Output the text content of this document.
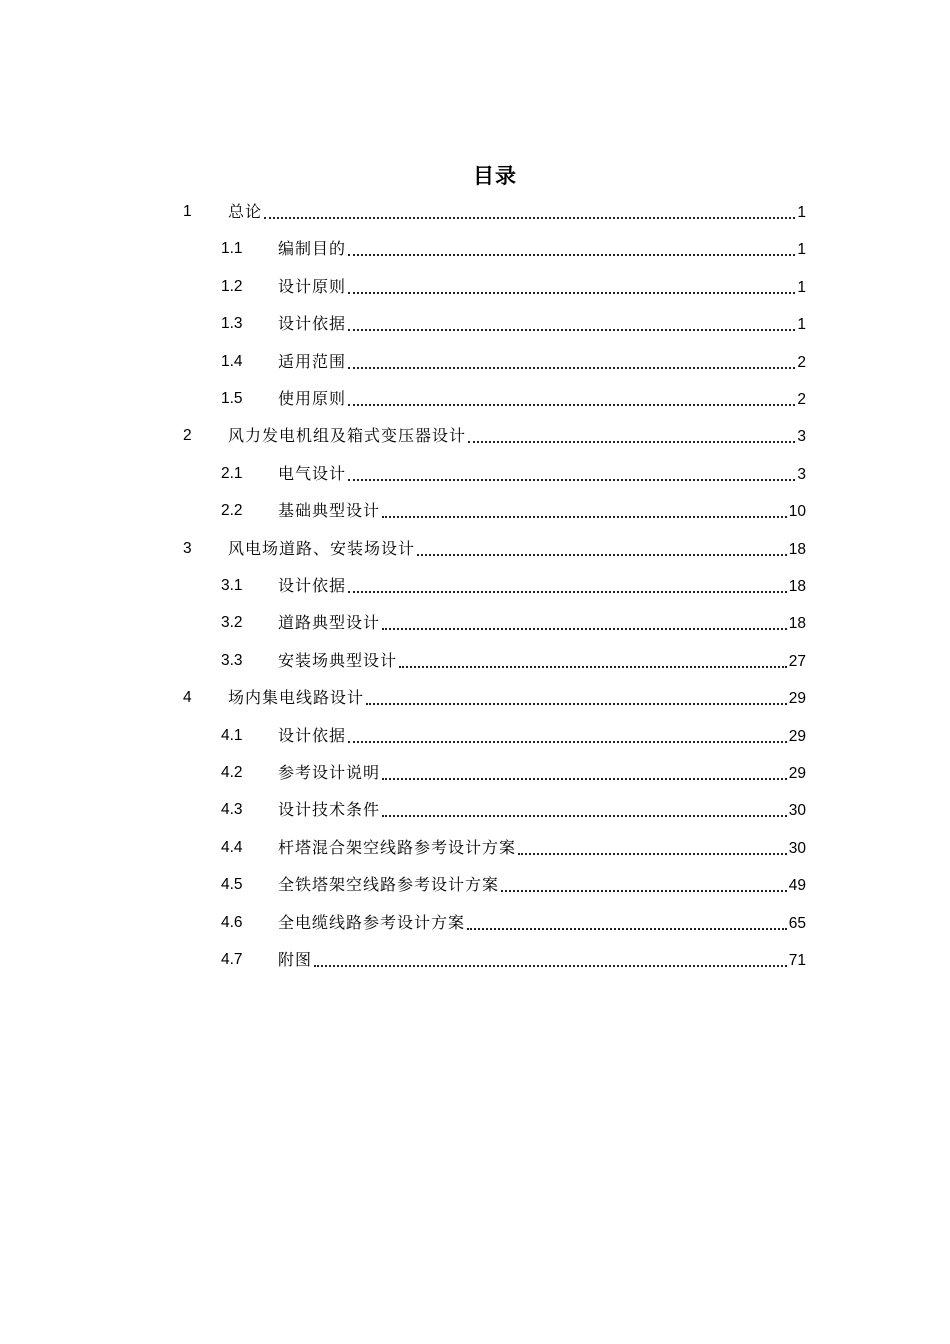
目录
1 总论	1
1.1 编制目的	1
1.2 设计原则	1
1.3 设计依据	1
1.4 适用范围	2
1.5 使用原则	2
2 风力发电机组及箱式变压器设计	3
2.1 电气设计	3
2.2 基础典型设计	10
3 风电场道路、安装场设计	18
3.1 设计依据	18
3.2 道路典型设计	18
3.3 安装场典型设计	27
4 场内集电线路设计	29
4.1 设计依据	29
4.2 参考设计说明	29
4.3 设计技术条件	30
4.4 杆塔混合架空线路参考设计方案	30
4.5 全铁塔架空线路参考设计方案	49
4.6 全电缆线路参考设计方案	65
4.7 附图	71
